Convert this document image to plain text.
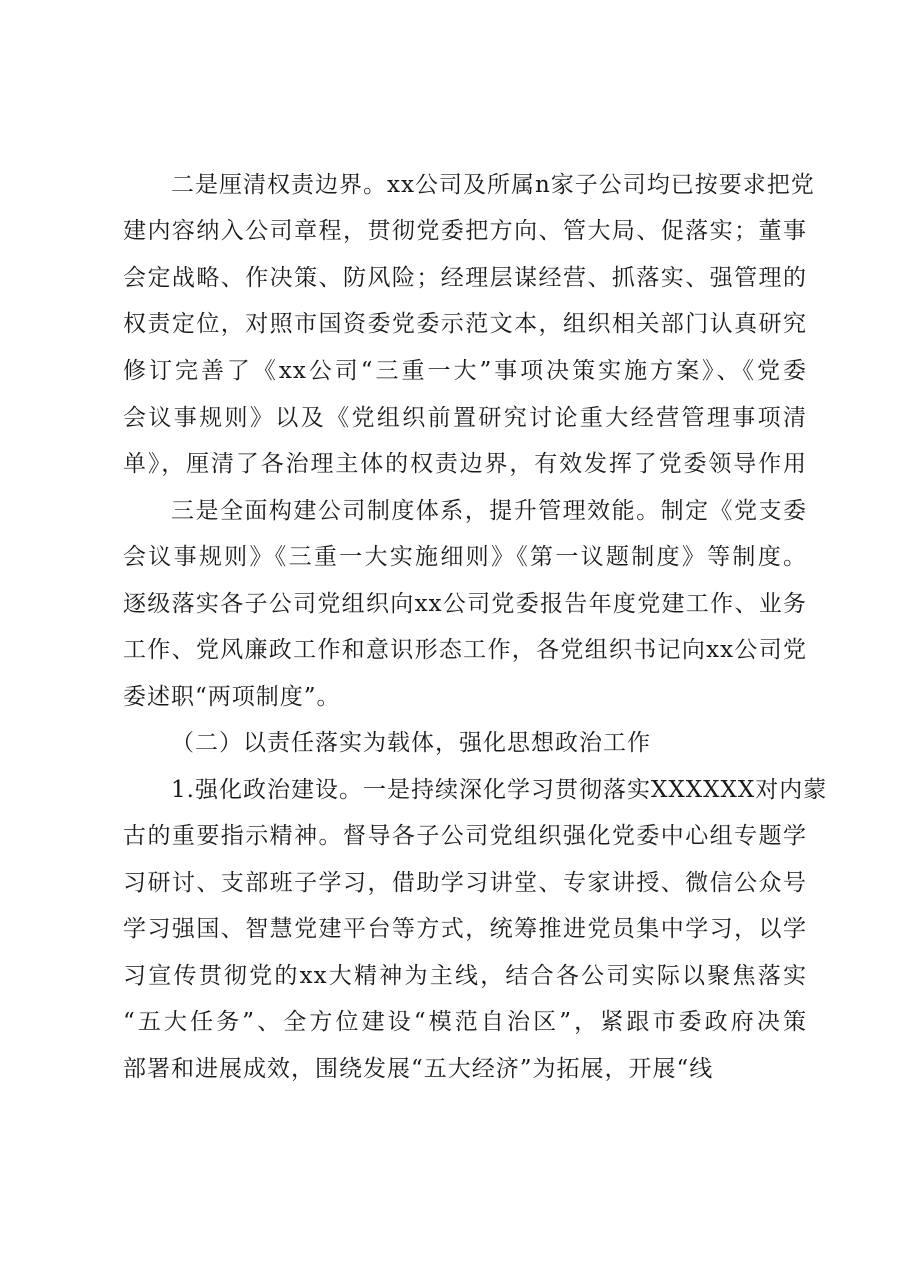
二是厘清权责边界。xx公司及所属n家子公司均已按要求把党
建内容纳入公司章程，贯彻党委把方向、管大局、促落实；董事
会定战略、作决策、防风险；经理层谋经营、抓落实、强管理的
权责定位，对照市国资委党委示范文本，组织相关部门认真研究
修订完善了《xx公司“三重一大”事项决策实施方案》、《党委
会议事规则》以及《党组织前置研究讨论重大经营管理事项清
单》，厘清了各治理主体的权责边界，有效发挥了党委领导作用
三是全面构建公司制度体系，提升管理效能。制定《党支委
会议事规则》《三重一大实施细则》《第一议题制度》等制度。
逐级落实各子公司党组织向xx公司党委报告年度党建工作、业务
工作、党风廉政工作和意识形态工作，各党组织书记向xx公司党
委述职“两项制度”。
（二）以责任落实为载体，强化思想政治工作
1.强化政治建设。一是持续深化学习贯彻落实XXXXXX对内蒙
古的重要指示精神。督导各子公司党组织强化党委中心组专题学
习研讨、支部班子学习，借助学习讲堂、专家讲授、微信公众号
学习强国、智慧党建平台等方式，统筹推进党员集中学习，以学
习宣传贯彻党的xx大精神为主线，结合各公司实际以聚焦落实
“五大任务”、全方位建设“模范自治区”，紧跟市委政府决策
部署和进展成效，围绕发展“五大经济”为拓展，开展“线
